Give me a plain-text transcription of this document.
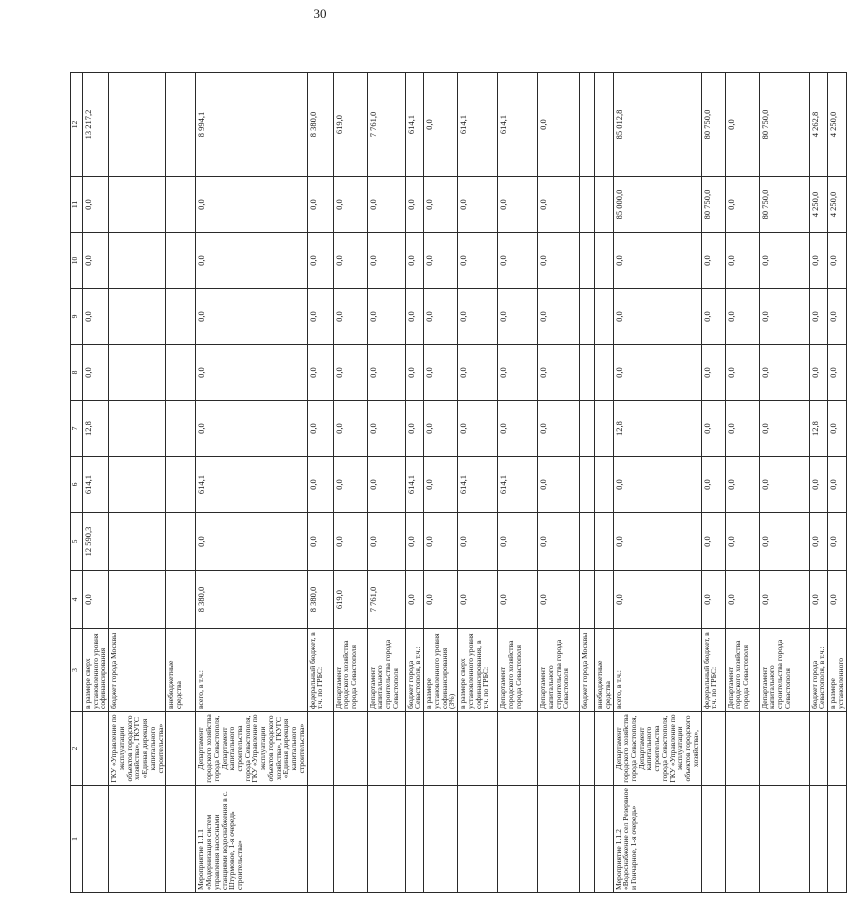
30
1	2	3	4	5	6	7	8	9	10	11	12
		в размере сверх установленного уровня софинансирования	0,0	12 590,3	614,1	12,8	0,0	0,0	0,0	0,0	13 217,2
	ГКУ «Управление по эксплуатации объектов городского хозяйства», ГКУГС «Единая дирекция капитального строительства»	бюджет города Москвы									
		внебюджетные средства									
Мероприятие 1.1.1 «Модернизация систем управления насосными станциями водоснабжения в с. Штурмовое, 1-я очередь строительства»	Департамент городского хозяйства города Севастополя, Департамент капитального строительства города Севастополя, ГКУ «Управление по эксплуатации объектов городского хозяйства», ГКУГС «Единая дирекция капитального строительства»	всего, в т.ч.:	8 380,0	0,0	614,1	0,0	0,0	0,0	0,0	0,0	8 994,1
		федеральный бюджет, в т.ч. по ГРБС:	8 380,0	0,0	0,0	0,0	0,0	0,0	0,0	0,0	8 380,0
		Департамент городского хозяйства города Севастополя	619,0	0,0	0,0	0,0	0,0	0,0	0,0	0,0	619,0
		Департамент капитального строительства города Севастополя	7 761,0	0,0	0,0	0,0	0,0	0,0	0,0	0,0	7 761,0
		бюджет города Севастополя, в т.ч.:	0,0	0,0	614,1	0,0	0,0	0,0	0,0	0,0	614,1
		в размере установленного уровня софинансирования (3%)	0,0	0,0	0,0	0,0	0,0	0,0	0,0	0,0	0,0
		в размере сверх установленного уровня софинансирования, в т.ч. по ГРБС:	0,0	0,0	614,1	0,0	0,0	0,0	0,0	0,0	614,1
		Департамент городского хозяйства города Севастополя	0,0	0,0	614,1	0,0	0,0	0,0	0,0	0,0	614,1
		Департамент капитального строительства города Севастополя	0,0	0,0	0,0	0,0	0,0	0,0	0,0	0,0	0,0
		бюджет города Москвы									
		внебюджетные средства									
Мероприятие 1.1.2 «Водоснабжение сел Резервное и Гончарное, 1-я очередь»	Департамент городского хозяйства города Севастополя, Департамент капитального строительства города Севастополя, ГКУ «Управление по эксплуатации объектов городского хозяйства»,	всего, в т.ч.:	0,0	0,0	0,0	12,8	0,0	0,0	0,0	85 000,0	85 012,8
		федеральный бюджет, в т.ч. по ГРБС:	0,0	0,0	0,0	0,0	0,0	0,0	0,0	80 750,0	80 750,0
		Департамент городского хозяйства города Севастополя	0,0	0,0	0,0	0,0	0,0	0,0	0,0	0,0	0,0
		Департамент капитального строительства города Севастополя	0,0	0,0	0,0	0,0	0,0	0,0	0,0	80 750,0	80 750,0
		бюджет города Севастополя, в т.ч.:	0,0	0,0	0,0	12,8	0,0	0,0	0,0	4 250,0	4 262,8
		в размере установленного	0,0	0,0	0,0	0,0	0,0	0,0	0,0	4 250,0	4 250,0
